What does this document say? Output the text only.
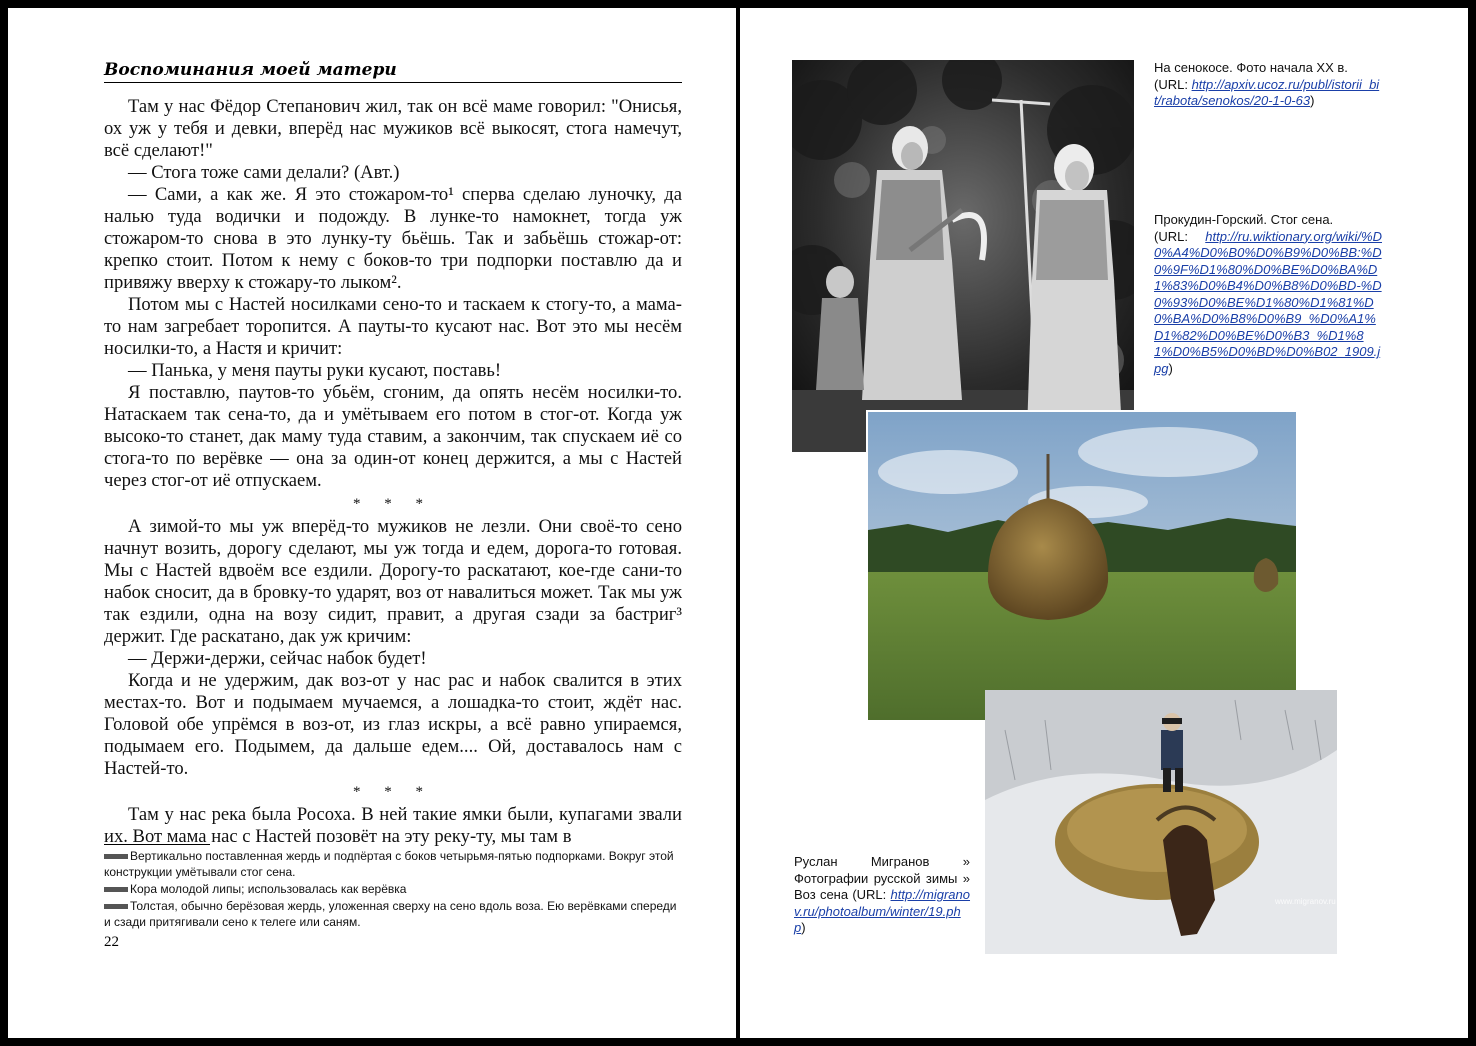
Воспоминания моей матери

Там у нас Фёдор Степанович жил, так он всё маме говорил: "Онисья, ох уж у тебя и девки, вперёд нас мужиков всё выкосят, стога намечут, всё сделают!"

— Стога тоже сами делали? (Авт.)

— Сами, а как же. Я это стожаром-то¹ сперва сделаю луночку, да налью туда водички и подожду. В лунке-то намокнет, тогда уж стожаром-то снова в это лунку-ту бьёшь. Так и забьёшь стожар-от: крепко стоит. Потом к нему с боков-то три подпорки поставлю да и привяжу вверху к стожару-то лыком².

Потом мы с Настей носилками сено-то и таскаем к стогу-то, а мама-то нам загребает торопится. А пауты-то кусают нас. Вот это мы несём носилки-то, а Настя и кричит:

— Панька, у меня пауты руки кусают, поставь!

Я поставлю, паутов-то убьём, сгоним, да опять несём носилки-то. Натаскаем так сена-то, да и умётываем его потом в стог-от. Когда уж высоко-то станет, дак маму туда ставим, а закончим, так спускаем иё со стога-то по верёвке — она за один-от конец держится, а мы с Настей через стог-от иё отпускаем.

* * *

А зимой-то мы уж вперёд-то мужиков не лезли. Они своё-то сено начнут возить, дорогу сделают, мы уж тогда и едем, дорога-то готовая. Мы с Настей вдвоём все ездили. Дорогу-то раскатают, кое-где сани-то набок сносит, да в бровку-то ударят, воз от навалиться может. Так мы уж так ездили, одна на возу сидит, правит, а другая сзади за бастриг³ держит. Где раскатано, дак уж кричим:

— Держи-держи, сейчас набок будет!

Когда и не удержим, дак воз-от у нас рас и набок свалится в этих местах-то. Вот и подымаем мучаемся, а лошадка-то стоит, ждёт нас. Головой обе упрёмся в воз-от, из глаз искры, а всё равно упираемся, подымаем его. Подымем, да дальше едем.... Ой, доставалось нам с Настей-то.

* * *

Там у нас река была Росоха. В ней такие ямки были, купагами звали их. Вот мама нас с Настей позовёт на эту реку-ту, мы там в

Вертикально поставленная жердь и подпёртая с боков четырьмя-пятью подпорками. Вокруг этой конструкции умётывали стог сена.
Кора молодой липы; использовалась как верёвка
Толстая, обычно берёзовая жердь, уложенная сверху на сено вдоль воза. Ею верёвками спереди и сзади притягивали сено к телеге или саням.
22
На сенокосе. Фото начала XX в.
(URL: http://apxiv.ucoz.ru/publ/istorii_bit/rabota/senokos/20-1-0-63)
Прокудин-Горский. Стог сена.
(URL: http://ru.wiktionary.org/wiki/%D0%A4%D0%B0%D0%B9%D0%BB:%D0%9F%D1%80%D0%BE%D0%BA%D1%83%D0%B4%D0%B8%D0%BD-%D0%93%D0%BE%D1%80%D1%81%D0%BA%D0%B8%D0%B9_%D0%A1%D1%82%D0%BE%D0%B3_%D1%81%D0%B5%D0%BD%D0%B02_1909.jpg)
www.migranov.ru
Руслан Мигранов » Фотографии русской зимы » Воз сена (URL: http://migranov.ru/photoalbum/winter/19.php)
